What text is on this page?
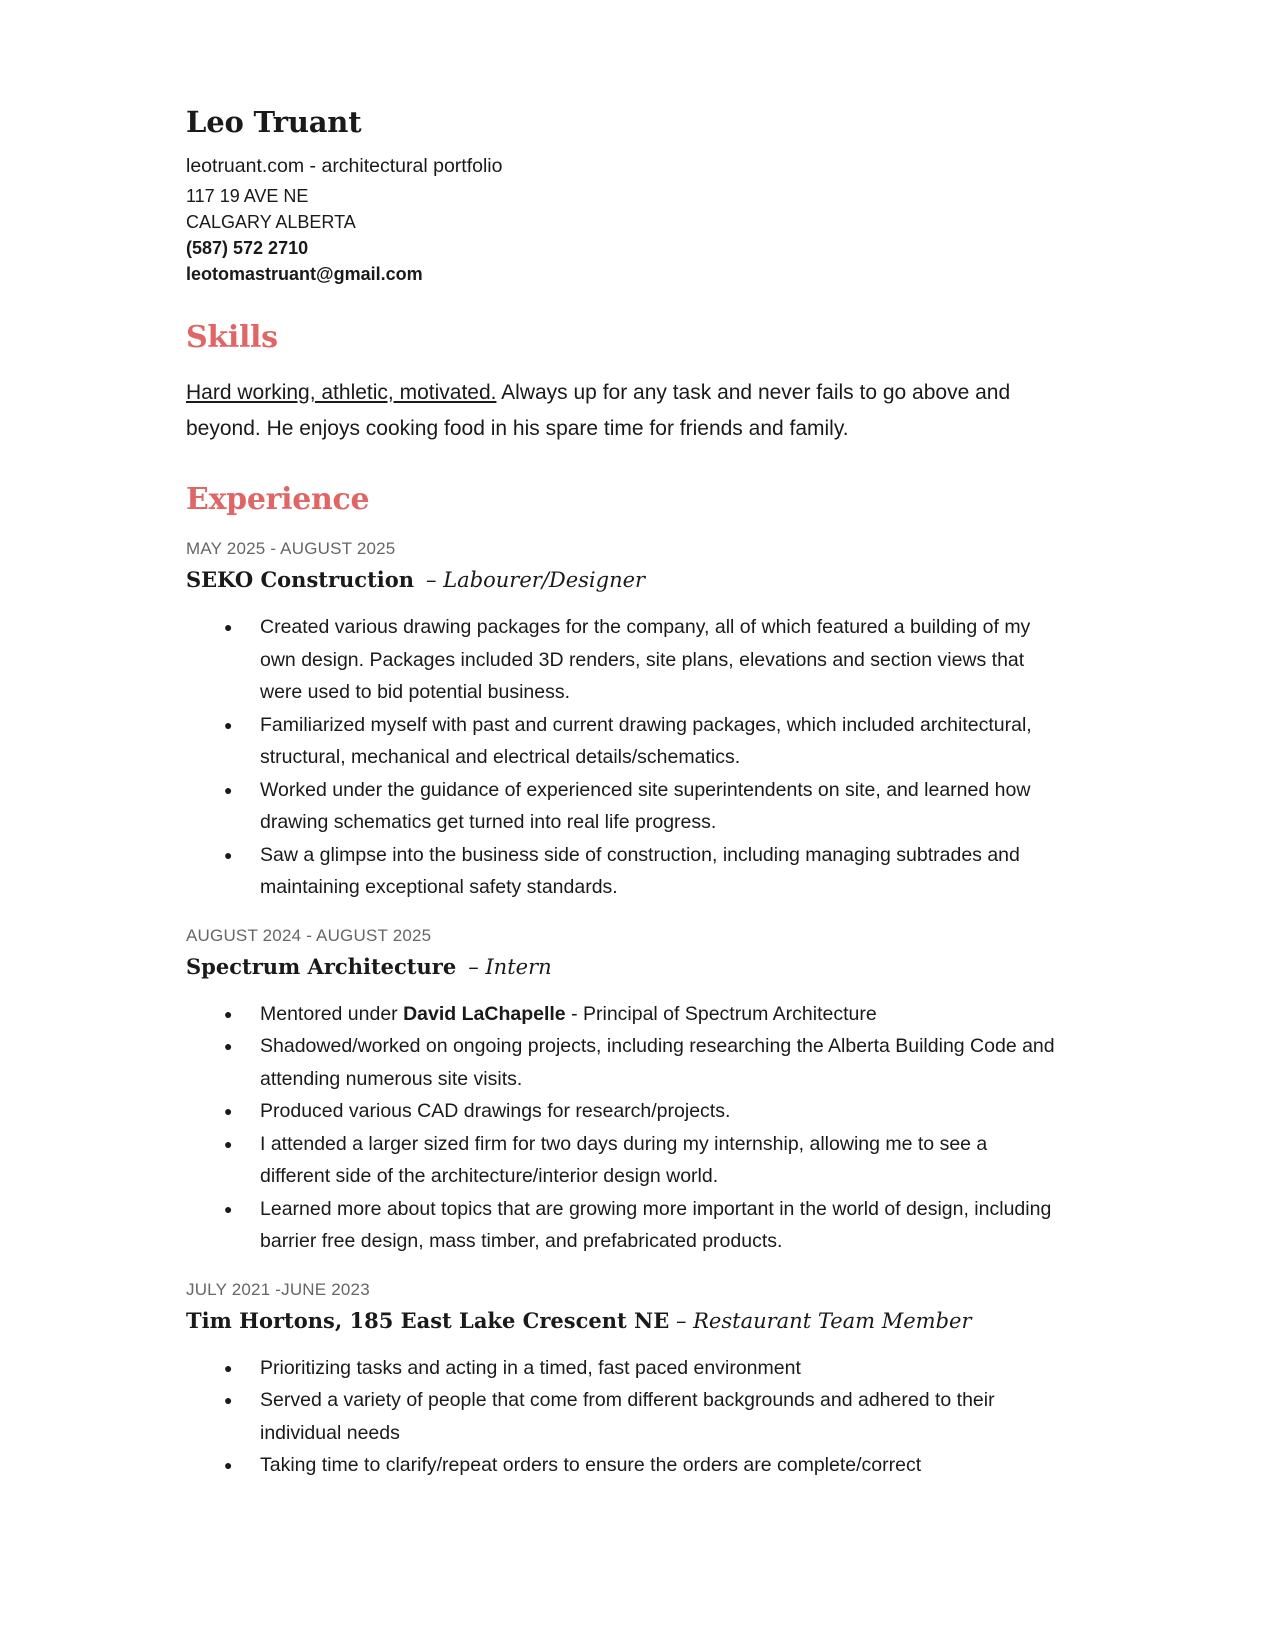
Leo Truant
leotruant.com - architectural portfolio
117 19 AVE NE
CALGARY ALBERTA
(587) 572 2710
leotomastruant@gmail.com
Skills
Hard working, athletic, motivated. Always up for any task and never fails to go above and beyond. He enjoys cooking food in his spare time for friends and family.
Experience
MAY 2025 - AUGUST 2025
SEKO Construction – Labourer/Designer
● Created various drawing packages for the company, all of which featured a building of my own design. Packages included 3D renders, site plans, elevations and section views that were used to bid potential business.
● Familiarized myself with past and current drawing packages, which included architectural, structural, mechanical and electrical details/schematics.
● Worked under the guidance of experienced site superintendents on site, and learned how drawing schematics get turned into real life progress.
● Saw a glimpse into the business side of construction, including managing subtrades and maintaining exceptional safety standards.
AUGUST 2024 - AUGUST 2025
Spectrum Architecture – Intern
● Mentored under David LaChapelle - Principal of Spectrum Architecture
● Shadowed/worked on ongoing projects, including researching the Alberta Building Code and attending numerous site visits.
● Produced various CAD drawings for research/projects.
● I attended a larger sized firm for two days during my internship, allowing me to see a different side of the architecture/interior design world.
● Learned more about topics that are growing more important in the world of design, including barrier free design, mass timber, and prefabricated products.
JULY 2021 -JUNE 2023
Tim Hortons, 185 East Lake Crescent NE – Restaurant Team Member
● Prioritizing tasks and acting in a timed, fast paced environment
● Served a variety of people that come from different backgrounds and adhered to their individual needs
● Taking time to clarify/repeat orders to ensure the orders are complete/correct
